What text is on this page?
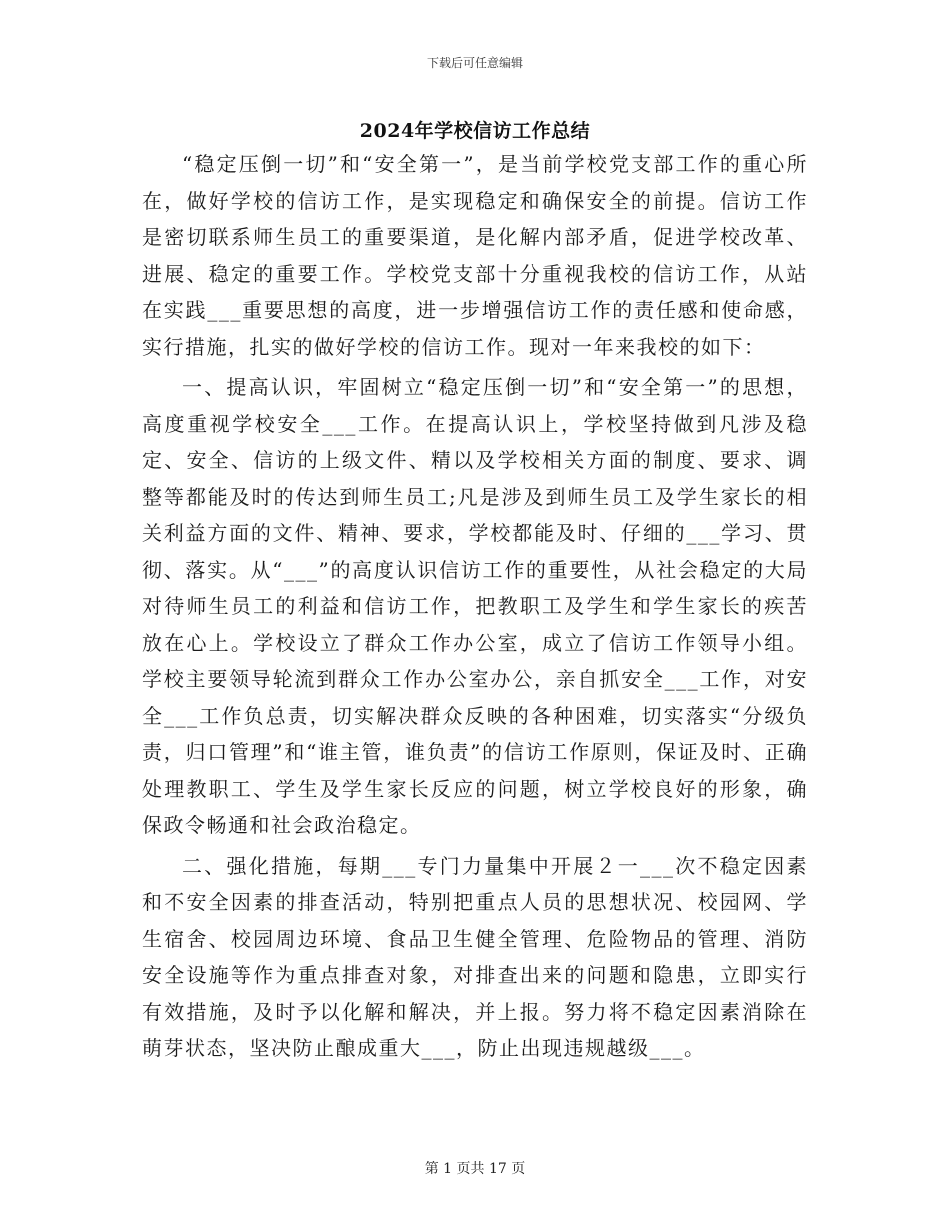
下载后可任意编辑
2024年学校信访工作总结

“稳定压倒一切”和“安全第一”，是当前学校党支部工作的重心所在，做好学校的信访工作，是实现稳定和确保安全的前提。信访工作是密切联系师生员工的重要渠道，是化解内部矛盾，促进学校改革、进展、稳定的重要工作。学校党支部十分重视我校的信访工作，从站在实践___重要思想的高度，进一步增强信访工作的责任感和使命感，实行措施，扎实的做好学校的信访工作。现对一年来我校的如下：

一、提高认识，牢固树立“稳定压倒一切”和“安全第一”的思想，高度重视学校安全___工作。在提高认识上，学校坚持做到凡涉及稳定、安全、信访的上级文件、精以及学校相关方面的制度、要求、调整等都能及时的传达到师生员工;凡是涉及到师生员工及学生家长的相关利益方面的文件、精神、要求，学校都能及时、仔细的___学习、贯彻、落实。从“___”的高度认识信访工作的重要性，从社会稳定的大局对待师生员工的利益和信访工作，把教职工及学生和学生家长的疾苦放在心上。学校设立了群众工作办公室，成立了信访工作领导小组。学校主要领导轮流到群众工作办公室办公，亲自抓安全___工作，对安全___工作负总责，切实解决群众反映的各种困难，切实落实“分级负责，归口管理”和“谁主管，谁负责”的信访工作原则，保证及时、正确处理教职工、学生及学生家长反应的问题，树立学校良好的形象，确保政令畅通和社会政治稳定。

二、强化措施，每期___专门力量集中开展２一___次不稳定因素和不安全因素的排查活动，特别把重点人员的思想状况、校园网、学生宿舍、校园周边环境、食品卫生健全管理、危险物品的管理、消防安全设施等作为重点排查对象，对排查出来的问题和隐患，立即实行有效措施，及时予以化解和解决，并上报。努力将不稳定因素消除在萌芽状态，坚决防止酿成重大___，防止出现违规越级___。

第 1 页共 17 页
